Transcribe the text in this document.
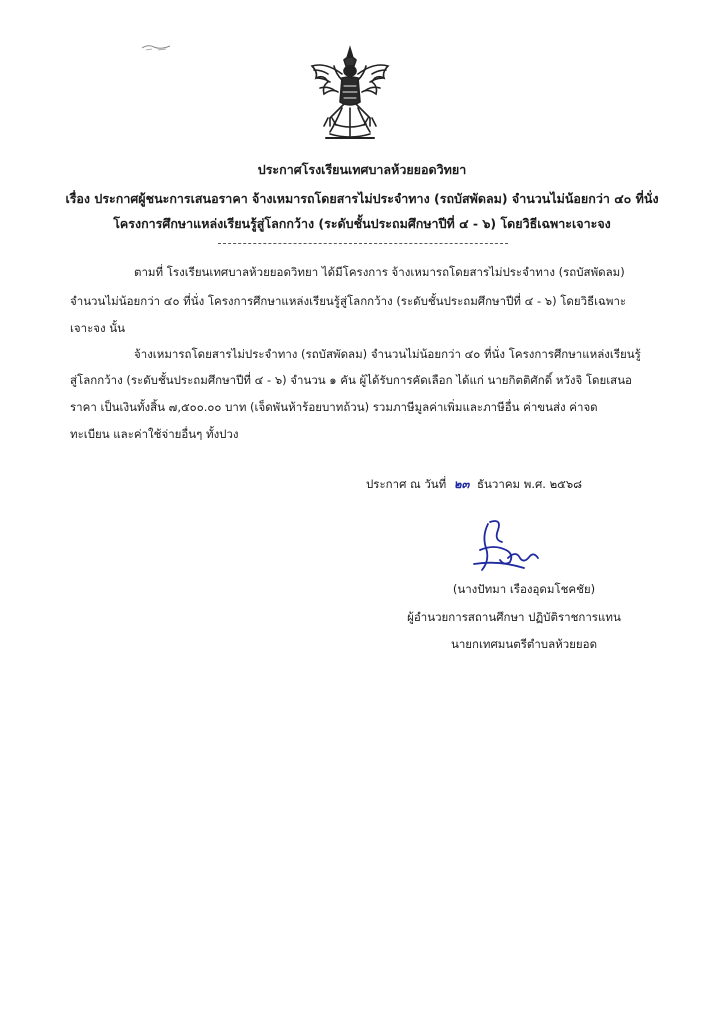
ประกาศโรงเรียนเทศบาลห้วยยอดวิทยา
เรื่อง ประกาศผู้ชนะการเสนอราคา จ้างเหมารถโดยสารไม่ประจำทาง (รถบัสพัดลม) จำนวนไม่น้อยกว่า ๔๐ ที่นั่ง
โครงการศึกษาแหล่งเรียนรู้สู่โลกกว้าง (ระดับชั้นประถมศึกษาปีที่ ๔ - ๖) โดยวิธีเฉพาะเจาะจง
ตามที่ โรงเรียนเทศบาลห้วยยอดวิทยา ได้มีโครงการ จ้างเหมารถโดยสารไม่ประจำทาง (รถบัสพัดลม)
จำนวนไม่น้อยกว่า ๔๐ ที่นั่ง โครงการศึกษาแหล่งเรียนรู้สู่โลกกว้าง (ระดับชั้นประถมศึกษาปีที่ ๔ - ๖) โดยวิธีเฉพาะ
เจาะจง นั้น
จ้างเหมารถโดยสารไม่ประจำทาง (รถบัสพัดลม) จำนวนไม่น้อยกว่า ๔๐ ที่นั่ง โครงการศึกษาแหล่งเรียนรู้
สู่โลกกว้าง (ระดับชั้นประถมศึกษาปีที่ ๔ - ๖) จำนวน ๑ คัน ผู้ได้รับการคัดเลือก ได้แก่ นายกิตติศักดิ์ หวังจิ โดยเสนอ
ราคา เป็นเงินทั้งสิ้น ๗,๕๐๐.๐๐ บาท (เจ็ดพันห้าร้อยบาทถ้วน) รวมภาษีมูลค่าเพิ่มและภาษีอื่น ค่าขนส่ง ค่าจด
ทะเบียน และค่าใช้จ่ายอื่นๆ ทั้งปวง
ประกาศ ณ วันที่ ๒๓ ธันวาคม พ.ศ. ๒๕๖๘
(นางปัทมา เรืองอุดมโชคชัย)
ผู้อำนวยการสถานศึกษา ปฏิบัติราชการแทน
นายกเทศมนตรีตำบลห้วยยอด
